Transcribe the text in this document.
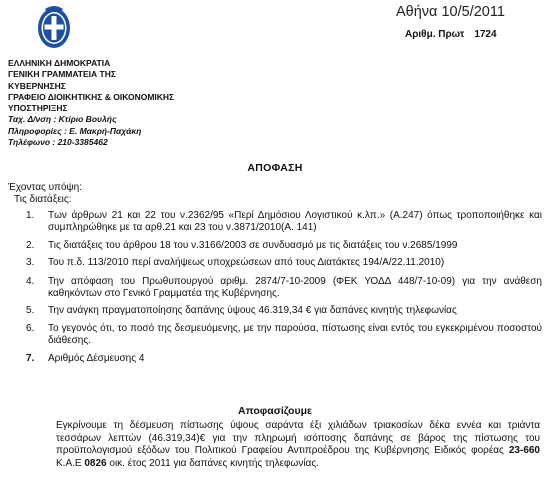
Αθήνα 10/5/2011
Αριθμ. Πρωτ 1724
ΕΛΛΗΝΙΚΗ ΔΗΜΟΚΡΑΤΙΑ
ΓΕΝΙΚΗ ΓΡΑΜΜΑΤΕΙΑ ΤΗΣ
ΚΥΒΕΡΝΗΣΗΣ
ΓΡΑΦΕΙΟ ΔΙΟΙΚΗΤΙΚΗΣ & ΟΙΚΟΝΟΜΙΚΗΣ
ΥΠΟΣΤΗΡΙΞΗΣ
Ταχ. Δ/νση : Κτίριο Βουλής
Πληροφορίες : Ε. Μακρή-Παχάκη
Τηλέφωνο : 210-3385462
ΑΠΟΦΑΣΗ
Έχοντας υπόψη:
Τις διατάξεις:
1. Των άρθρων 21 και 22 του ν.2362/95 «Περί Δημόσιου Λογιστικού κ.λπ.» (Α.247) όπως τροποποιήθηκε και συμπληρώθηκε με τα αρθ.21 και 23 του ν.3871/2010(Α. 141)
2. Τις διατάξεις του άρθρου 18 του ν.3166/2003 σε συνδυασμό με τις διατάξεις του ν.2685/1999
3. Του π.δ. 113/2010 περί αναλήψεως υποχρεώσεων από τους Διατάκτες 194/Α/22.11.2010)
4. Την απόφαση του Πρωθυπουργού αριθμ. 2874/7-10-2009 (ΦΕΚ ΥΟΔΔ 448/7-10-09) για την ανάθεση καθηκόντων στο Γενικό Γραμματέα της Κυβέρνησης.
5. Την ανάγκη πραγματοποίησης δαπάνης ύψους 46.319,34 € για δαπάνες κινητής τηλεφωνίας
6. Το γεγονός ότι, το ποσό της δεσμευόμενης, με την παρούσα, πίστωσης είναι εντός του εγκεκριμένου ποσοστού διάθεσης.
7. Αριθμός Δέσμευσης 4
Αποφασίζουμε
Εγκρίνουμε τη δέσμευση πίστωσης ύψους σαράντα έξι χιλιάδων τριακοσίων δέκα εννέα και τριάντα τεσσάρων λεπτών (46.319,34)€ για την πληρωμή ισόποσης δαπάνης σε βάρος της πίστωσης του προϋπολογισμού εξόδων του Πολιτικού Γραφείου Αντιπροέδρου της Κυβέρνησης Ειδικός φορέας 23-660 Κ.Α.Ε 0826 οικ. έτος 2011 για δαπάνες κινητής τηλεφωνίας.
